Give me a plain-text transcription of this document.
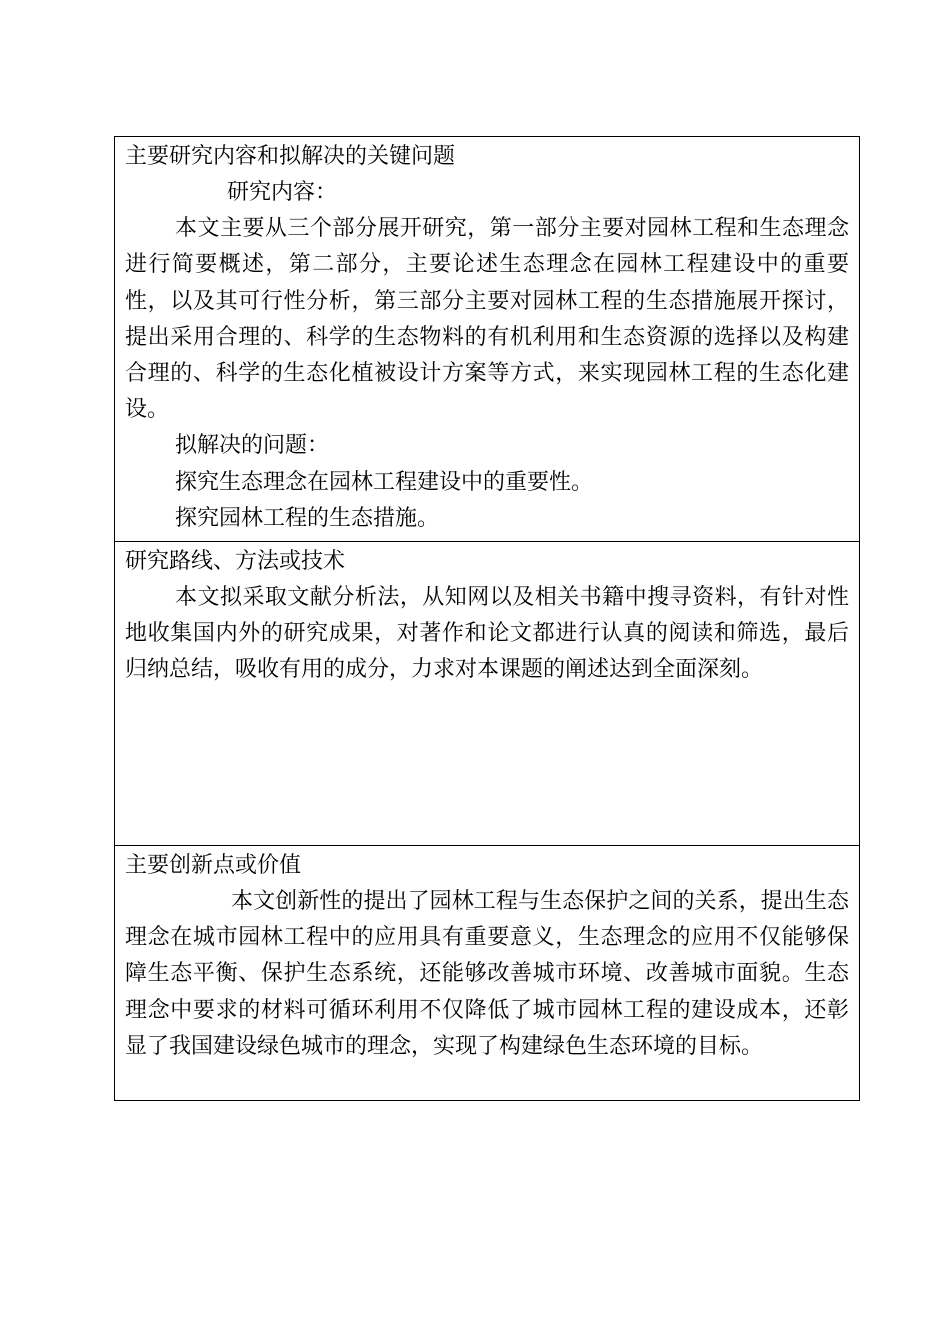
主要研究内容和拟解决的关键问题
研究内容：
本文主要从三个部分展开研究，第一部分主要对园林工程和生态理念进行简要概述，第二部分，主要论述生态理念在园林工程建设中的重要性，以及其可行性分析，第三部分主要对园林工程的生态措施展开探讨，提出采用合理的、科学的生态物料的有机利用和生态资源的选择以及构建合理的、科学的生态化植被设计方案等方式，来实现园林工程的生态化建设。
拟解决的问题：
探究生态理念在园林工程建设中的重要性。
探究园林工程的生态措施。

研究路线、方法或技术
本文拟采取文献分析法，从知网以及相关书籍中搜寻资料，有针对性地收集国内外的研究成果，对著作和论文都进行认真的阅读和筛选，最后归纳总结，吸收有用的成分，力求对本课题的阐述达到全面深刻。

主要创新点或价值
本文创新性的提出了园林工程与生态保护之间的关系，提出生态理念在城市园林工程中的应用具有重要意义，生态理念的应用不仅能够保障生态平衡、保护生态系统，还能够改善城市环境、改善城市面貌。生态理念中要求的材料可循环利用不仅降低了城市园林工程的建设成本，还彰显了我国建设绿色城市的理念，实现了构建绿色生态环境的目标。
